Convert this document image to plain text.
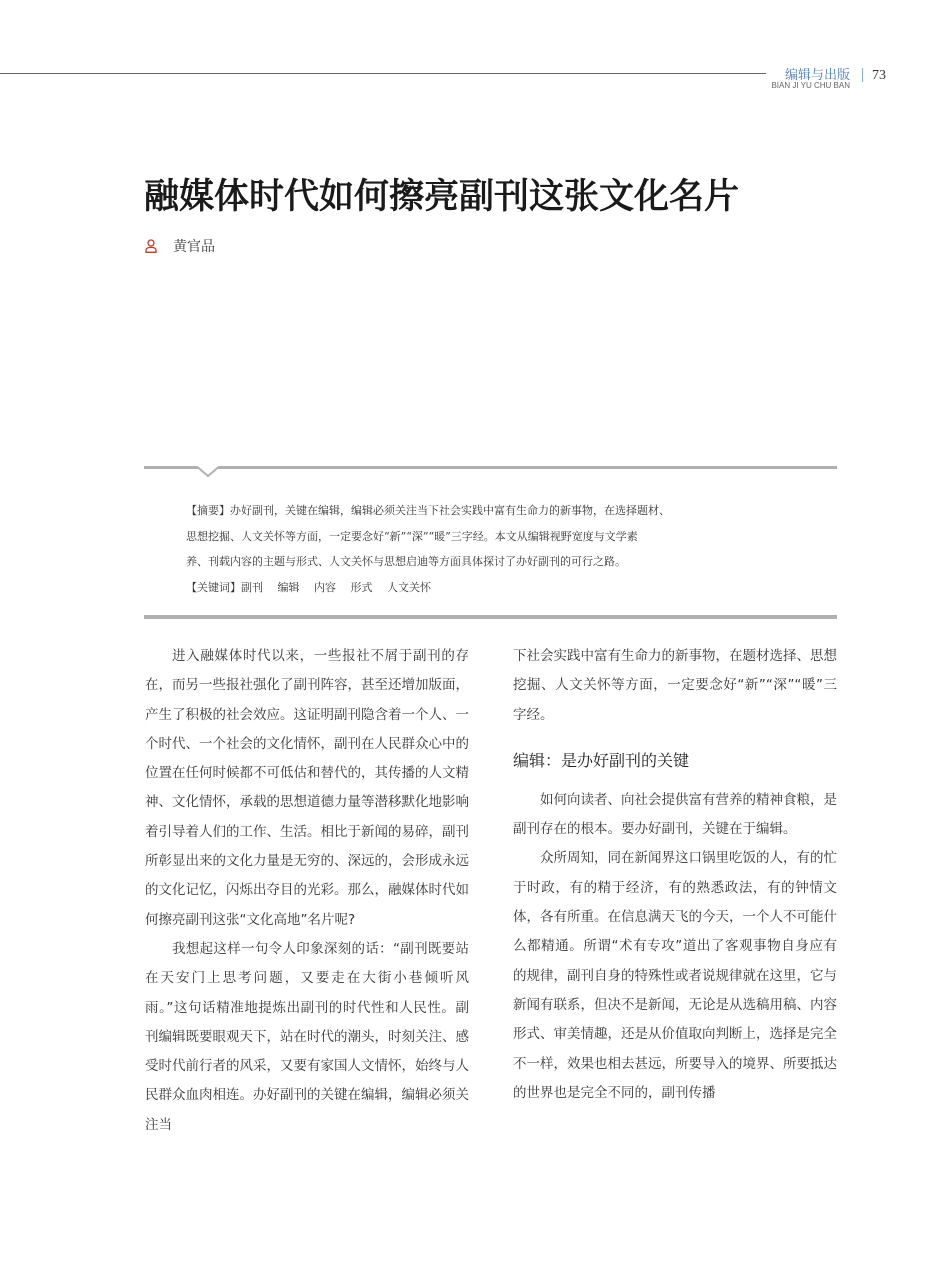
编辑与出版
BIAN JI YU CHU BAN
73
融媒体时代如何擦亮副刊这张文化名片
黄官品

【摘要】办好副刊，关键在编辑，编辑必须关注当下社会实践中富有生命力的新事物，在选择题材、

思想挖掘、人文关怀等方面，一定要念好“新”“深”“暖”三字经。本文从编辑视野宽度与文学素

养、刊载内容的主题与形式、人文关怀与思想启迪等方面具体探讨了办好副刊的可行之路。

【关键词】副刊 编辑 内容 形式 人文关怀

进入融媒体时代以来，一些报社不屑于副刊的存在，而另一些报社强化了副刊阵容，甚至还增加版面，产生了积极的社会效应。这证明副刊隐含着一个人、一个时代、一个社会的文化情怀，副刊在人民群众心中的位置在任何时候都不可低估和替代的，其传播的人文精神、文化情怀，承载的思想道德力量等潜移默化地影响着引导着人们的工作、生活。相比于新闻的易碎，副刊所彰显出来的文化力量是无穷的、深远的，会形成永远的文化记忆，闪烁出夺目的光彩。那么，融媒体时代如何擦亮副刊这张“文化高地”名片呢?

我想起这样一句令人印象深刻的话：“副刊既要站在天安门上思考问题，又要走在大街小巷倾听风雨。”这句话精准地提炼出副刊的时代性和人民性。副刊编辑既要眼观天下，站在时代的潮头，时刻关注、感受时代前行者的风采，又要有家国人文情怀，始终与人民群众血肉相连。办好副刊的关键在编辑，编辑必须关注当

下社会实践中富有生命力的新事物，在题材选择、思想挖掘、人文关怀等方面，一定要念好“新”“深”“暖”三字经。

编辑：是办好副刊的关键

如何向读者、向社会提供富有营养的精神食粮，是副刊存在的根本。要办好副刊，关键在于编辑。

众所周知，同在新闻界这口锅里吃饭的人，有的忙于时政，有的精于经济，有的熟悉政法，有的钟情文体，各有所重。在信息满天飞的今天，一个人不可能什么都精通。所谓“术有专攻”道出了客观事物自身应有的规律，副刊自身的特殊性或者说规律就在这里，它与新闻有联系，但决不是新闻，无论是从选稿用稿、内容形式、审美情趣，还是从价值取向判断上，选择是完全不一样，效果也相去甚远，所要导入的境界、所要抵达的世界也是完全不同的，副刊传播
